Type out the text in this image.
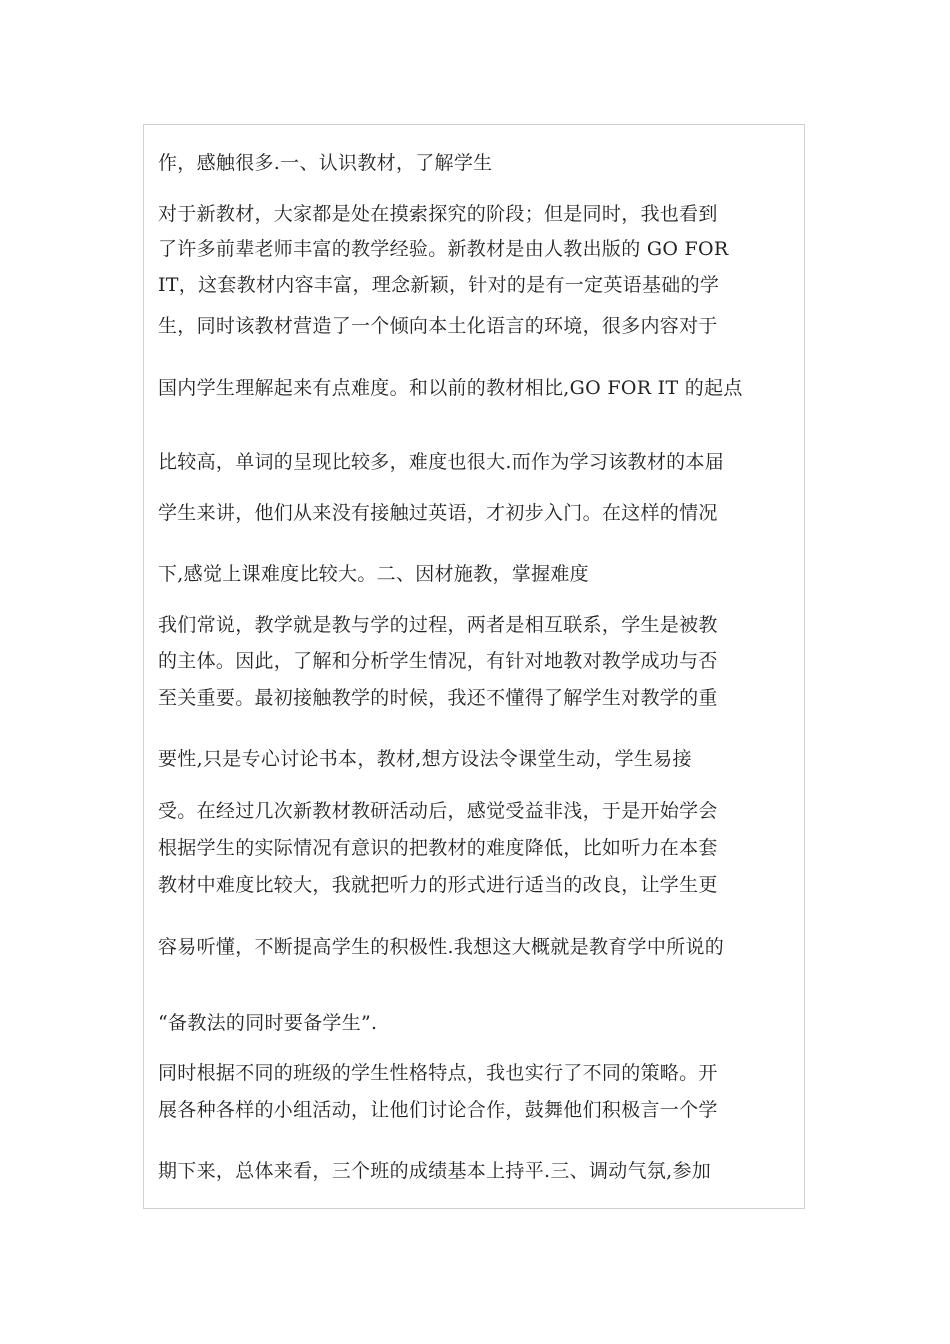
作，感触很多.一、认识教材，了解学生
对于新教材，大家都是处在摸索探究的阶段；但是同时，我也看到
了许多前辈老师丰富的教学经验。新教材是由人教出版的 GO FOR
IT，这套教材内容丰富，理念新颖，针对的是有一定英语基础的学
生，同时该教材营造了一个倾向本土化语言的环境，很多内容对于
国内学生理解起来有点难度。和以前的教材相比,GO FOR IT 的起点
比较高，单词的呈现比较多，难度也很大.而作为学习该教材的本届
学生来讲，他们从来没有接触过英语，才初步入门。在这样的情况
下,感觉上课难度比较大。二、因材施教，掌握难度
我们常说，教学就是教与学的过程，两者是相互联系，学生是被教
的主体。因此，了解和分析学生情况，有针对地教对教学成功与否
至关重要。最初接触教学的时候，我还不懂得了解学生对教学的重
要性,只是专心讨论书本，教材,想方设法令课堂生动，学生易接
受。在经过几次新教材教研活动后，感觉受益非浅，于是开始学会
根据学生的实际情况有意识的把教材的难度降低，比如听力在本套
教材中难度比较大，我就把听力的形式进行适当的改良，让学生更
容易听懂，不断提高学生的积极性.我想这大概就是教育学中所说的
“备教法的同时要备学生”.
同时根据不同的班级的学生性格特点，我也实行了不同的策略。开
展各种各样的小组活动，让他们讨论合作，鼓舞他们积极言一个学
期下来，总体来看，三个班的成绩基本上持平.三、调动气氛,参加
